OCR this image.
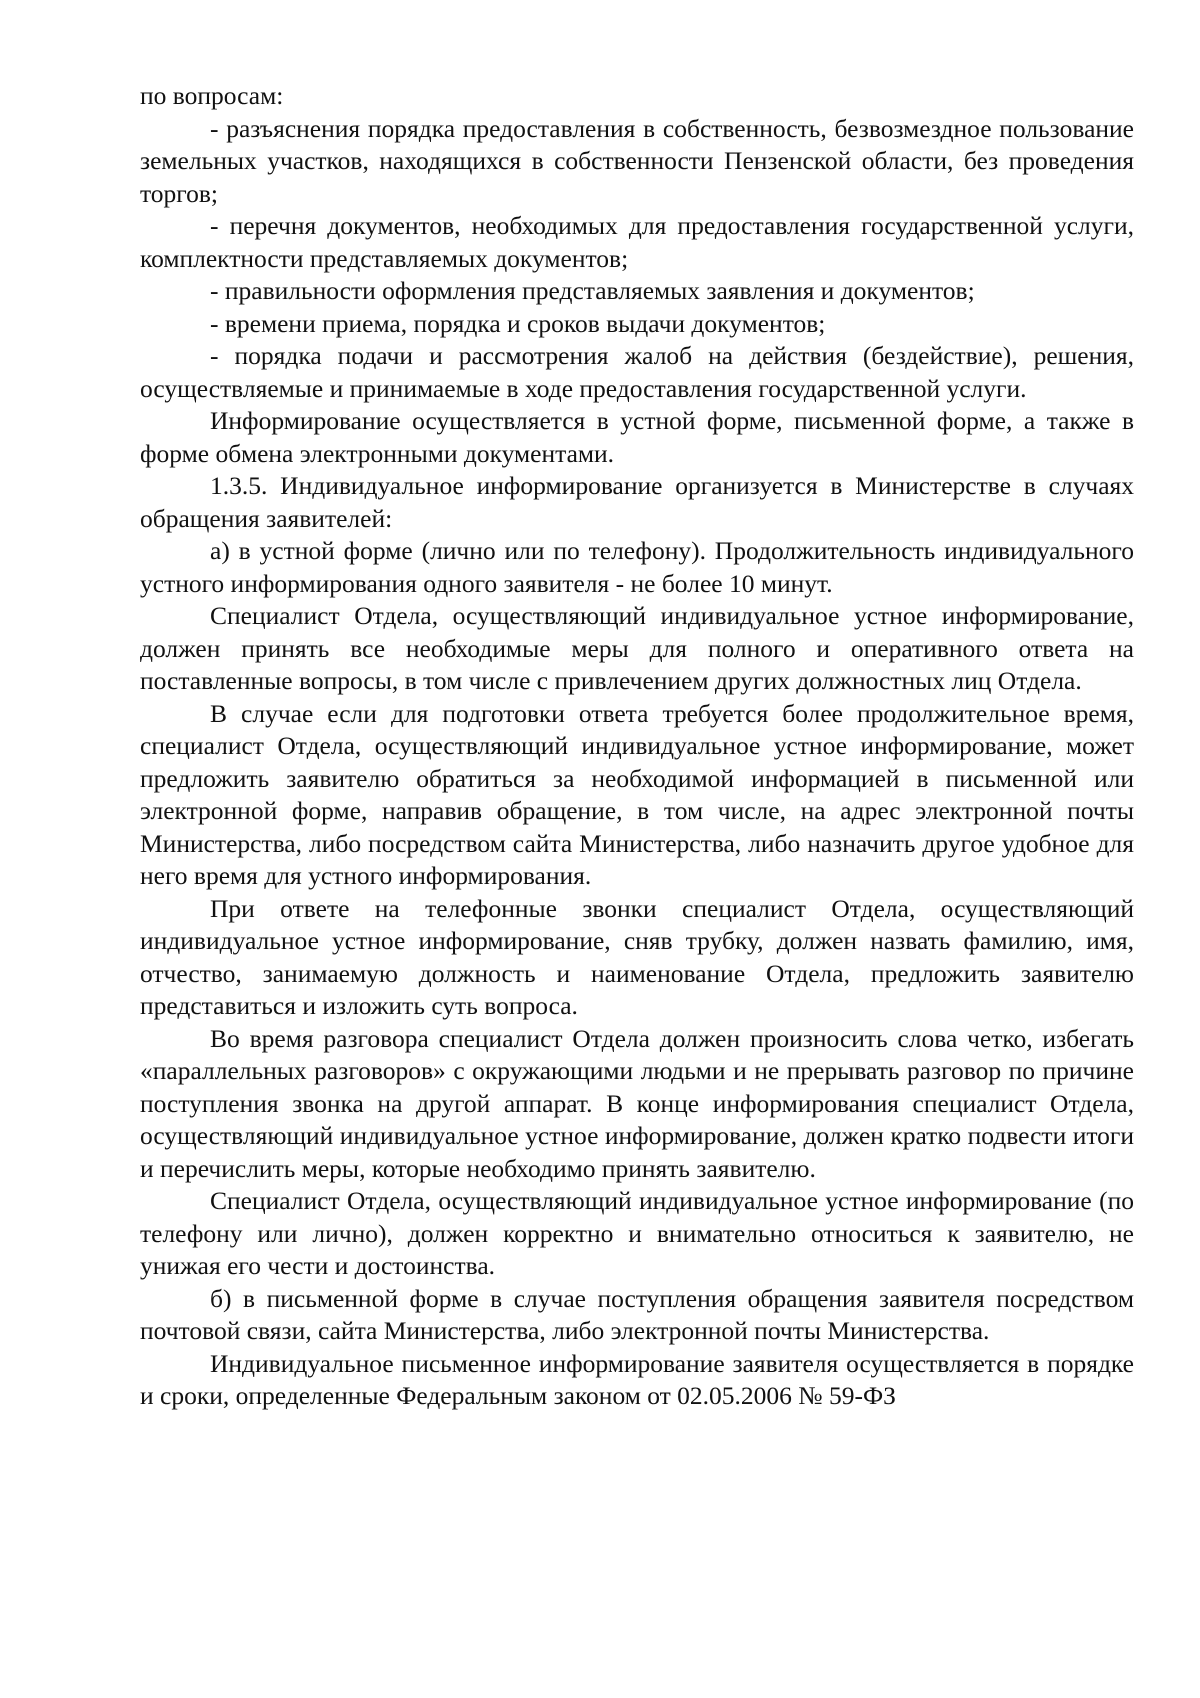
по вопросам:

- разъяснения порядка предоставления в собственность, безвозмездное пользование земельных участков, находящихся в собственности Пензенской области, без проведения торгов;

- перечня документов, необходимых для предоставления государственной услуги, комплектности представляемых документов;

- правильности оформления представляемых заявления и документов;

- времени приема, порядка и сроков выдачи документов;

- порядка подачи и рассмотрения жалоб на действия (бездействие), решения, осуществляемые и принимаемые в ходе предоставления государственной услуги.

Информирование осуществляется в устной форме, письменной форме, а также в форме обмена электронными документами.

1.3.5. Индивидуальное информирование организуется в Министерстве в случаях обращения заявителей:

а) в устной форме (лично или по телефону). Продолжительность индивидуального устного информирования одного заявителя - не более 10 минут.

Специалист Отдела, осуществляющий индивидуальное устное информирование, должен принять все необходимые меры для полного и оперативного ответа на поставленные вопросы, в том числе с привлечением других должностных лиц Отдела.

В случае если для подготовки ответа требуется более продолжительное время, специалист Отдела, осуществляющий индивидуальное устное информирование, может предложить заявителю обратиться за необходимой информацией в письменной или электронной форме, направив обращение, в том числе, на адрес электронной почты Министерства, либо посредством сайта Министерства, либо назначить другое удобное для него время для устного информирования.

При ответе на телефонные звонки специалист Отдела, осуществляющий индивидуальное устное информирование, сняв трубку, должен назвать фамилию, имя, отчество, занимаемую должность и наименование Отдела, предложить заявителю представиться и изложить суть вопроса.

Во время разговора специалист Отдела должен произносить слова четко, избегать «параллельных разговоров» с окружающими людьми и не прерывать разговор по причине поступления звонка на другой аппарат. В конце информирования специалист Отдела, осуществляющий индивидуальное устное информирование, должен кратко подвести итоги и перечислить меры, которые необходимо принять заявителю.

Специалист Отдела, осуществляющий индивидуальное устное информирование (по телефону или лично), должен корректно и внимательно относиться к заявителю, не унижая его чести и достоинства.

б) в письменной форме в случае поступления обращения заявителя посредством почтовой связи, сайта Министерства, либо электронной почты Министерства.

Индивидуальное письменное информирование заявителя осуществляется в порядке и сроки, определенные Федеральным законом от 02.05.2006 № 59-ФЗ
